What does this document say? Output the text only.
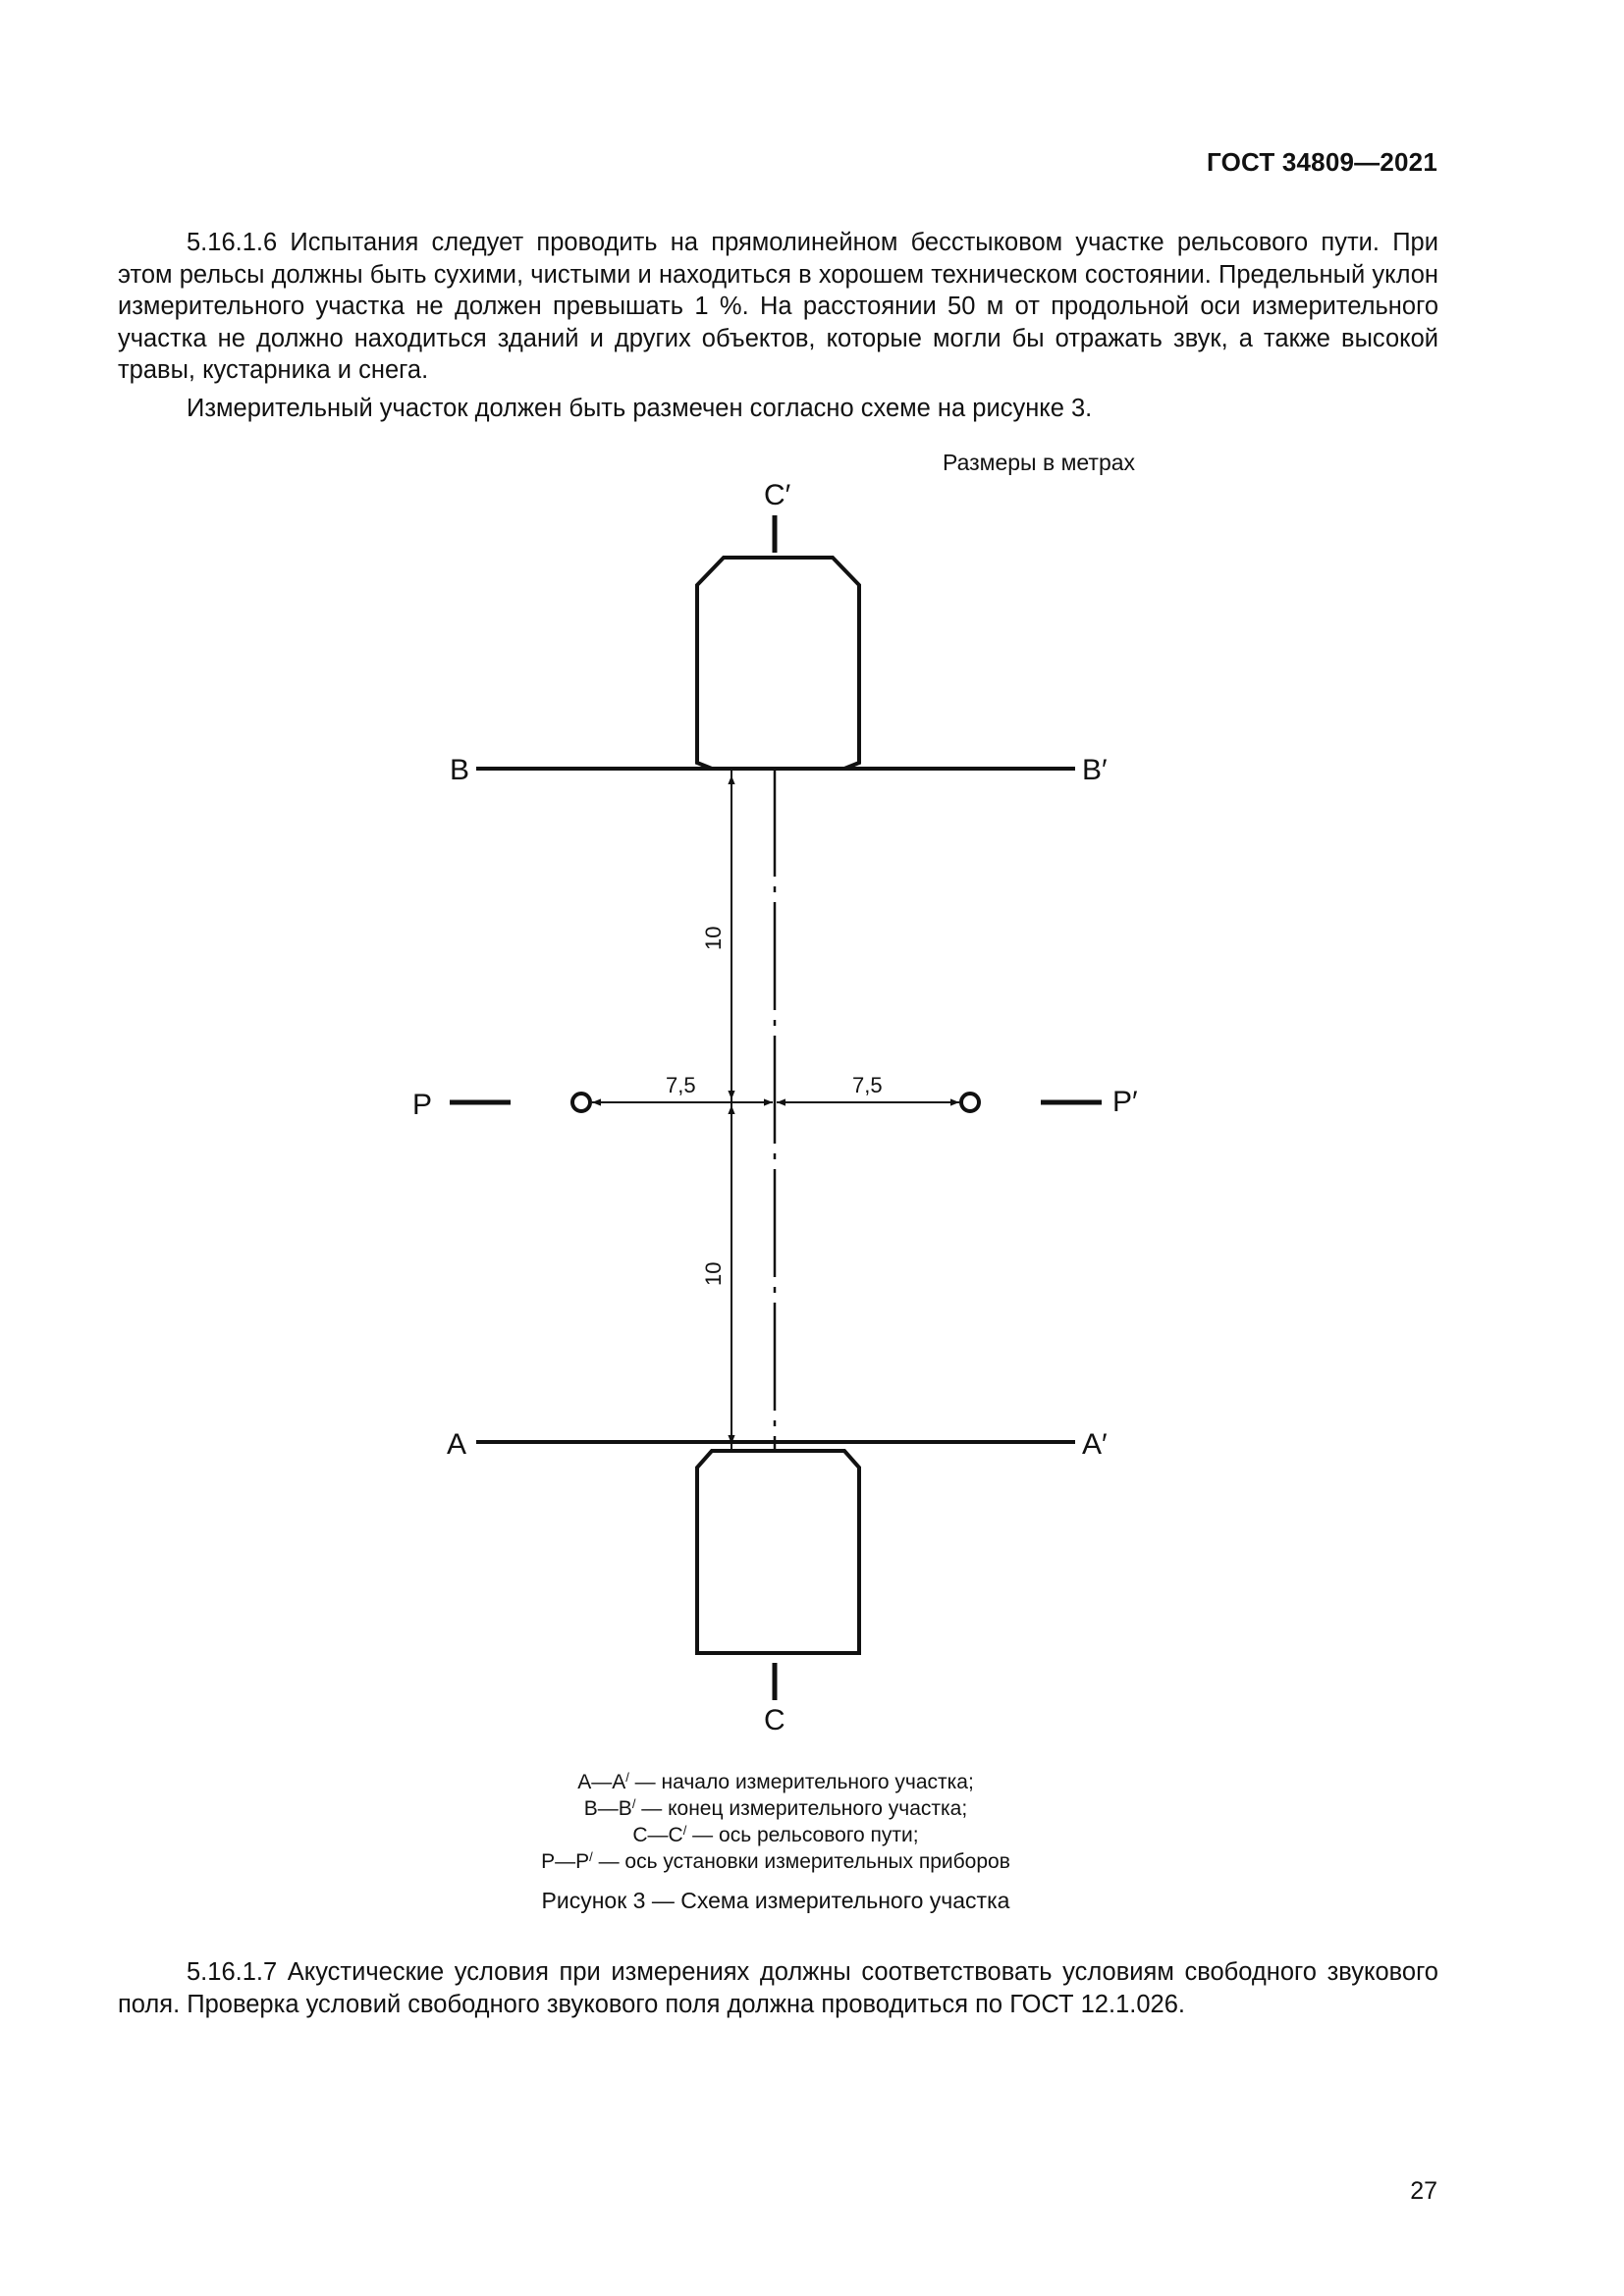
ГОСТ 34809—2021

5.16.1.6 Испытания следует проводить на прямолинейном бесстыковом участке рельсового пути. При этом рельсы должны быть сухими, чистыми и находиться в хорошем техническом состоянии. Предельный уклон измерительного участка не должен превышать 1 %. На расстоянии 50 м от продольной оси измерительного участка не должно находиться зданий и других объектов, которые могли бы отражать звук, а также высокой травы, кустарника и снега.

Измерительный участок должен быть размечен согласно схеме на рисунке 3.

Размеры в метрах
C′
B	B′
10
10
P	P′
7,5	7,5
A	A′
C
A—A/ — начало измерительного участка;
B—B/ — конец измерительного участка;
C—C/ — ось рельсового пути;
P—P/ — ось установки измерительных приборов
Рисунок 3 — Схема измерительного участка

5.16.1.7 Акустические условия при измерениях должны соответствовать условиям свободного звукового поля. Проверка условий свободного звукового поля должна проводиться по ГОСТ 12.1.026.

27
